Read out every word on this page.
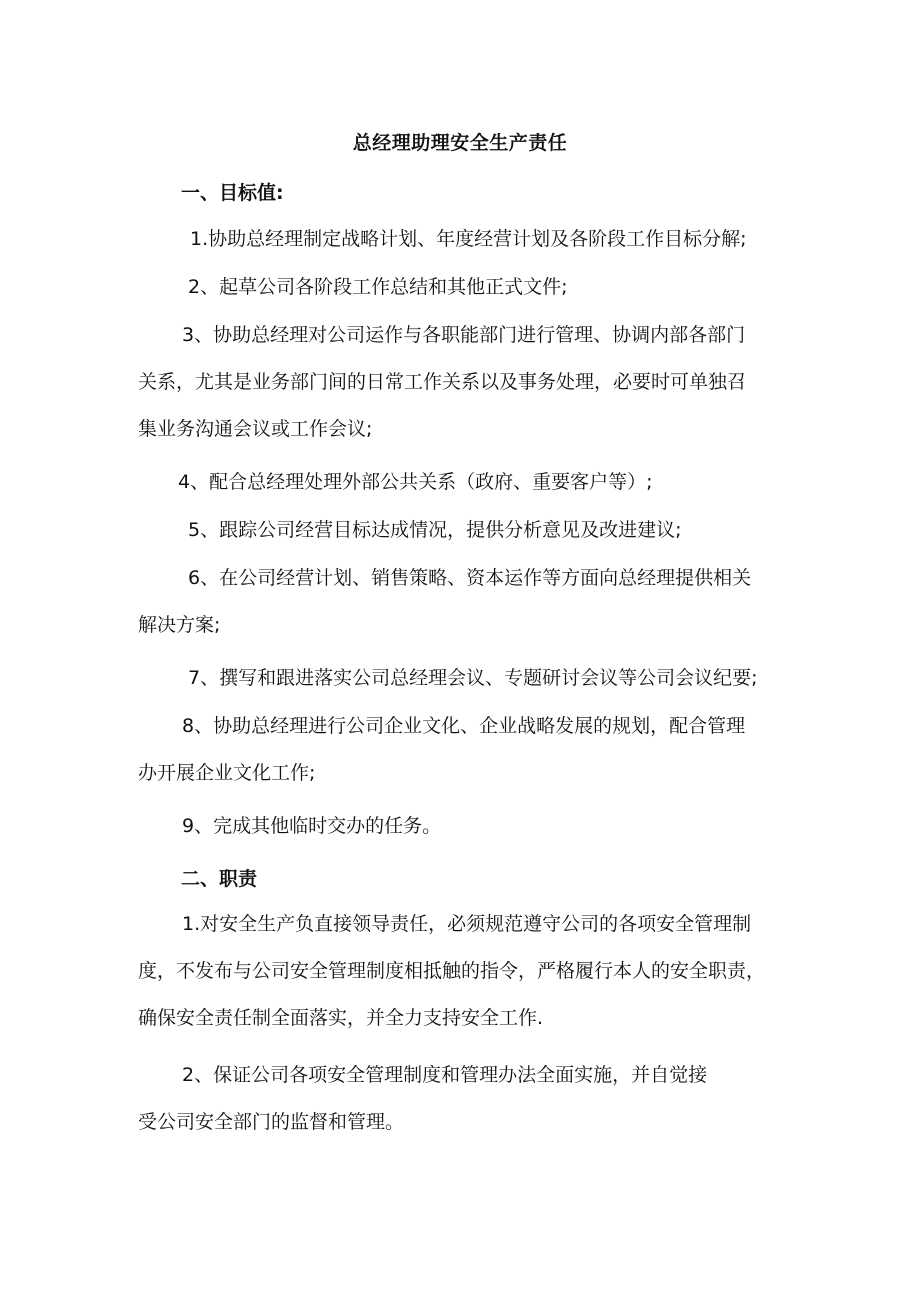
总经理助理安全生产责任
一、目标值:
1.协助总经理制定战略计划、年度经营计划及各阶段工作目标分解;
2、起草公司各阶段工作总结和其他正式文件;
3、协助总经理对公司运作与各职能部门进行管理、协调内部各部门
关系，尤其是业务部门间的日常工作关系以及事务处理，必要时可单独召
集业务沟通会议或工作会议;
4、配合总经理处理外部公共关系（政府、重要客户等）;
5、跟踪公司经营目标达成情况，提供分析意见及改进建议;
6、在公司经营计划、销售策略、资本运作等方面向总经理提供相关
解决方案;
7、撰写和跟进落实公司总经理会议、专题研讨会议等公司会议纪要;
8、协助总经理进行公司企业文化、企业战略发展的规划，配合管理
办开展企业文化工作;
9、完成其他临时交办的任务。
二、职责
1.对安全生产负直接领导责任，必须规范遵守公司的各项安全管理制
度，不发布与公司安全管理制度相抵触的指令，严格履行本人的安全职责，
确保安全责任制全面落实，并全力支持安全工作.
2、保证公司各项安全管理制度和管理办法全面实施，并自觉接
受公司安全部门的监督和管理。
